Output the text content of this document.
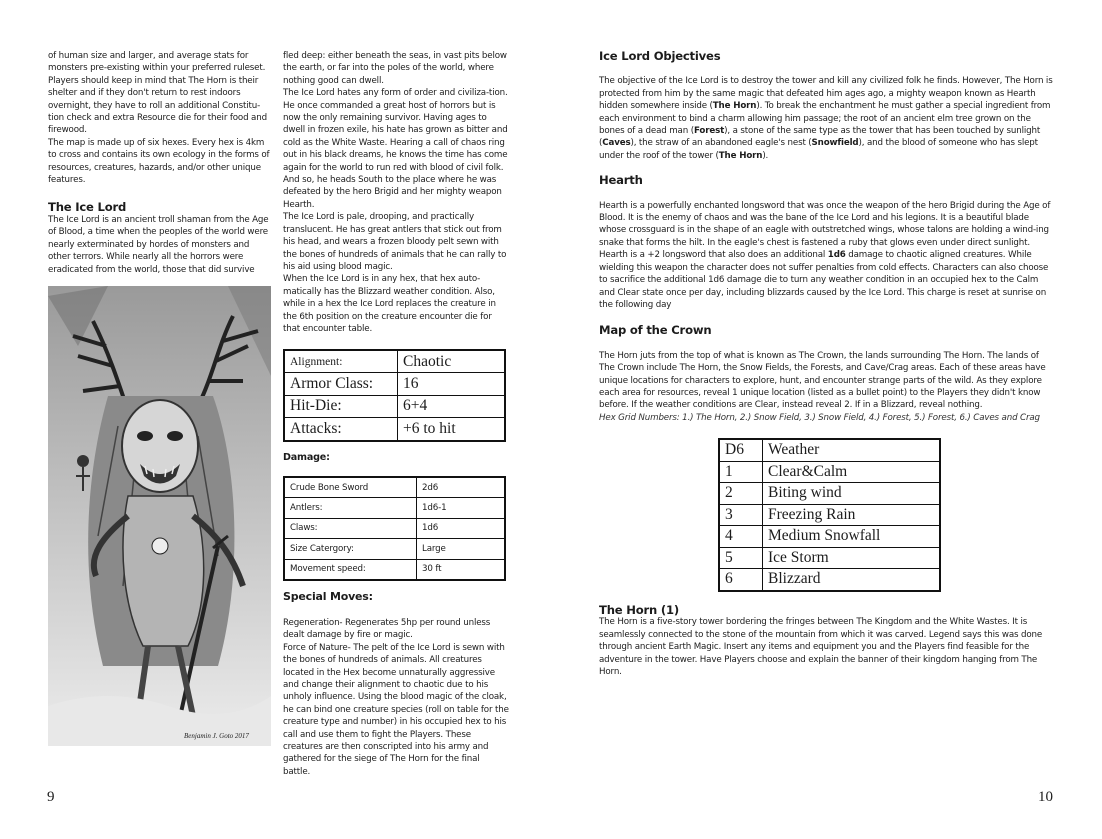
of human size and larger, and average stats for monsters pre-existing within your preferred ruleset. Players should keep in mind that The Horn is their shelter and if they don't return to rest indoors overnight, they have to roll an additional Constitu-tion check and extra Resource die for their food and firewood.

The map is made up of six hexes. Every hex is 4km to cross and contains its own ecology in the forms of resources, creatures, hazards, and/or other unique features.

The Ice Lord

The Ice Lord is an ancient troll shaman from the Age of Blood, a time when the peoples of the world were nearly exterminated by hordes of monsters and other terrors. While nearly all the horrors were eradicated from the world, those that did survive

Benjamin J. Goto 2017

fled deep: either beneath the seas, in vast pits below the earth, or far into the poles of the world, where nothing good can dwell.

The Ice Lord hates any form of order and civiliza-tion. He once commanded a great host of horrors but is now the only remaining survivor. Having ages to dwell in frozen exile, his hate has grown as bitter and cold as the White Waste. Hearing a call of chaos ring out in his black dreams, he knows the time has come again for the world to run red with blood of civil folk. And so, he heads South to the place where he was defeated by the hero Brigid and her mighty weapon Hearth.

The Ice Lord is pale, drooping, and practically translucent. He has great antlers that stick out from his head, and wears a frozen bloody pelt sewn with the bones of hundreds of animals that he can rally to his aid using blood magic.

When the Ice Lord is in any hex, that hex auto-matically has the Blizzard weather condition. Also, while in a hex the Ice Lord replaces the creature in the 6th position on the creature encounter die for that encounter table.

Alignment:	Chaotic
Armor Class:	16
Hit-Die:	6+4
Attacks:	+6 to hit
Damage:
Crude Bone Sword	2d6
Antlers:	1d6-1
Claws:	1d6
Size Catergory:	Large
Movement speed:	30 ft
Special Moves:

Regeneration- Regenerates 5hp per round unless dealt damage by fire or magic.

Force of Nature- The pelt of the Ice Lord is sewn with the bones of hundreds of animals. All creatures located in the Hex become unnaturally aggressive and change their alignment to chaotic due to his unholy influence. Using the blood magic of the cloak, he can bind one creature species (roll on table for the creature type and number) in his occupied hex to his call and use them to fight the Players. These creatures are then conscripted into his army and gathered for the siege of The Horn for the final battle.

9
Ice Lord Objectives

The objective of the Ice Lord is to destroy the tower and kill any civilized folk he finds. However, The Horn is protected from him by the same magic that defeated him ages ago, a mighty weapon known as Hearth hidden somewhere inside (The Horn). To break the enchantment he must gather a special ingredient from each environment to bind a charm allowing him passage; the root of an ancient elm tree grown on the bones of a dead man (Forest), a stone of the same type as the tower that has been touched by sunlight (Caves), the straw of an abandoned eagle's nest (Snowfield), and the blood of someone who has slept under the roof of the tower (The Horn).

Hearth

Hearth is a powerfully enchanted longsword that was once the weapon of the hero Brigid during the Age of Blood. It is the enemy of chaos and was the bane of the Ice Lord and his legions. It is a beautiful blade whose crossguard is in the shape of an eagle with outstretched wings, whose talons are holding a wind-ing snake that forms the hilt. In the eagle's chest is fastened a ruby that glows even under direct sunlight. Hearth is a +2 longsword that also does an additional 1d6 damage to chaotic aligned creatures. While wielding this weapon the character does not suffer penalties from cold effects. Characters can also choose to sacrifice the additional 1d6 damage die to turn any weather condition in an occupied hex to the Calm and Clear state once per day, including blizzards caused by the Ice Lord. This charge is reset at sunrise on the following day

Map of the Crown

The Horn juts from the top of what is known as The Crown, the lands surrounding The Horn. The lands of The Crown include The Horn, the Snow Fields, the Forests, and Cave/Crag areas. Each of these areas have unique locations for characters to explore, hunt, and encounter strange parts of the wild. As they explore each area for resources, reveal 1 unique location (listed as a bullet point) to the Players they didn't know before. If the weather conditions are Clear, instead reveal 2. If in a Blizzard, reveal nothing.

Hex Grid Numbers: 1.) The Horn, 2.) Snow Field, 3.) Snow Field, 4.) Forest, 5.) Forest, 6.) Caves and Crag

D6	Weather
1	Clear&Calm
2	Biting wind
3	Freezing Rain
4	Medium Snowfall
5	Ice Storm
6	Blizzard
The Horn (1)

The Horn is a five-story tower bordering the fringes between The Kingdom and the White Wastes. It is seamlessly connected to the stone of the mountain from which it was carved. Legend says this was done through ancient Earth Magic. Insert any items and equipment you and the Players find feasible for the adventure in the tower. Have Players choose and explain the banner of their kingdom hanging from The Horn.

10
